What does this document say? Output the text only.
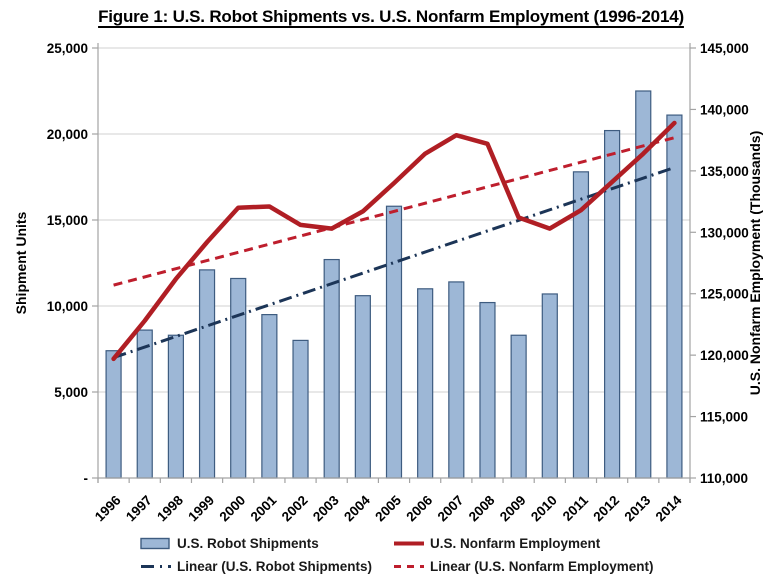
Figure 1: U.S. Robot Shipments vs. U.S. Nonfarm Employment (1996-2014)
-
5,000
10,000
15,000
20,000
25,000
110,000
115,000
120,000
125,000
130,000
135,000
140,000
145,000
1996 1997 1998 1999 2000 2001 2002 2003 2004 2005 2006 2007 2008 2009 2010 2011 2012 2013 2014
Shipment Units	U.S. Nonfarm Employment (Thousands)
U.S. Robot Shipments	U.S. Nonfarm Employment
Linear (U.S. Robot Shipments)	Linear (U.S. Nonfarm Employment)
